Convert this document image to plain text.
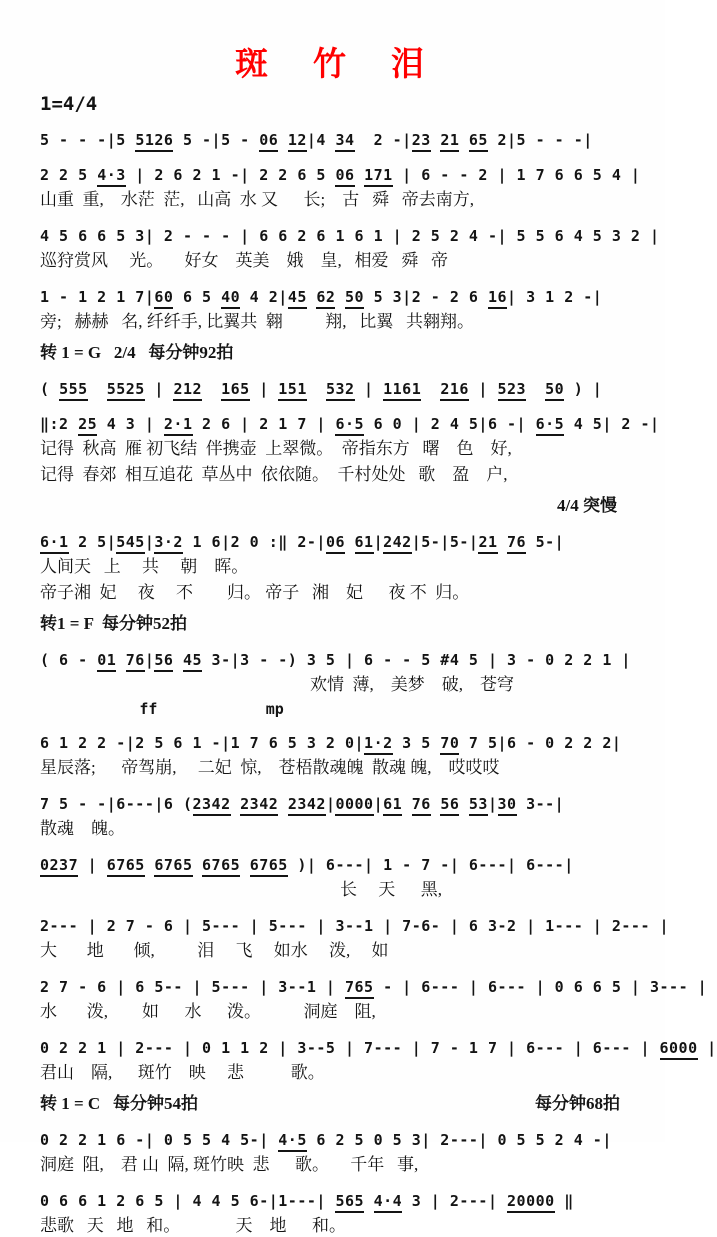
斑　竹　泪
1=4/4
5 - - -|5 5126 5 -|5 - 06 12|4 34  2 -|23 21 65 2|5 - - -|
2 2 5 4·3 | 2 6 2 1 -| 2 2 6 5 06 171 | 6 - - 2 | 1 7 6 6 5 4 |
山重  重,    水茫  茫,   山高  水 又      长;    古   舜   帝去南方,
4 5 6 6 5 3| 2 - - - | 6 6 2 6 1 6 1 | 2 5 2 4 -| 5 5 6 4 5 3 2 |
巡狩赏风     光。     好女    英美    娥    皇,   相爱   舜   帝
1 - 1 2 1 7|60 6 5 40 4 2|45 62 50 5 3|2 - 2 6 16| 3 1 2 -|
旁;   赫赫   名, 纤纤手, 比翼共  翱          翔,   比翼   共翱翔。
转 1 = G   2/4   每分钟92拍
( 555 5525 | 212 165 | 151 532 | 1161 216 | 523 50 ) |
‖:2 25 4 3 | 2·1 2 6 | 2 1 7 | 6·5 6 0 | 2 4 5|6 -| 6·5 4 5| 2 -|
记得  秋高  雁 初飞结  伴携壶  上翠微。  帝指东方   曙    色    好,
记得  春郊  相互追花  草丛中  依依随。  千村处处   歌    盈    户,
4/4 突慢
6·1 2 5|545|3·2 1 6|2 0 :‖ 2-|06 61|242|5-|5-|21 76 5-|
人间天   上     共     朝    晖。
帝子湘  妃     夜     不        归。 帝子   湘    妃      夜 不  归。
转1 = F  每分钟52拍
( 6 - 01 76|56 45 3-|3 - -) 3 5 | 6 - - 5 #4 5 | 3 - 0 2 2 1 |
欢情  薄,    美梦    破,    苍穹
ff            mp
6 1 2 2 -|2 5 6 1 -|1 7 6 5 3 2 0|1·2 3 5 70 7 5|6 - 0 2 2 2|
星辰落;      帝驾崩,     二妃  惊,    苍梧散魂魄  散魂 魄,    哎哎哎
7 5 - -|6---|6 (2342 2342 2342|0000|61 76 56 53|30 3--|
散魂    魄。
0237 | 6765 6765 6765 6765 )| 6---| 1 - 7 -| 6---| 6---|
长     天      黑,
2--- | 2 7 - 6 | 5--- | 5--- | 3--1 | 7-6- | 6 3-2 | 1--- | 2--- |
大       地       倾,          泪     飞     如水     泼,     如
2 7 - 6 | 6 5-- | 5--- | 3--1 | 765 - | 6--- | 6--- | 0 6 6 5 | 3--- |
水       泼,        如      水      泼。          洞庭    阻,
0 2 2 1 | 2--- | 0 1 1 2 | 3--5 | 7--- | 7 - 1 7 | 6--- | 6--- | 6000 |
君山    隔,      斑竹    映     悲           歌。
转 1 = C   每分钟54拍	每分钟68拍
0 2 2 1 6 -| 0 5 5 4 5-| 4·5 6 2 5 0 5 3| 2---| 0 5 5 2 4 -|
洞庭  阻,    君 山  隔, 斑竹映  悲      歌。     千年   事,
0 6 6 1 2 6 5 | 4 4 5 6-|1---| 565 4·4 3 | 2---| 20000 ‖
悲歌   天   地   和。             天    地      和。
